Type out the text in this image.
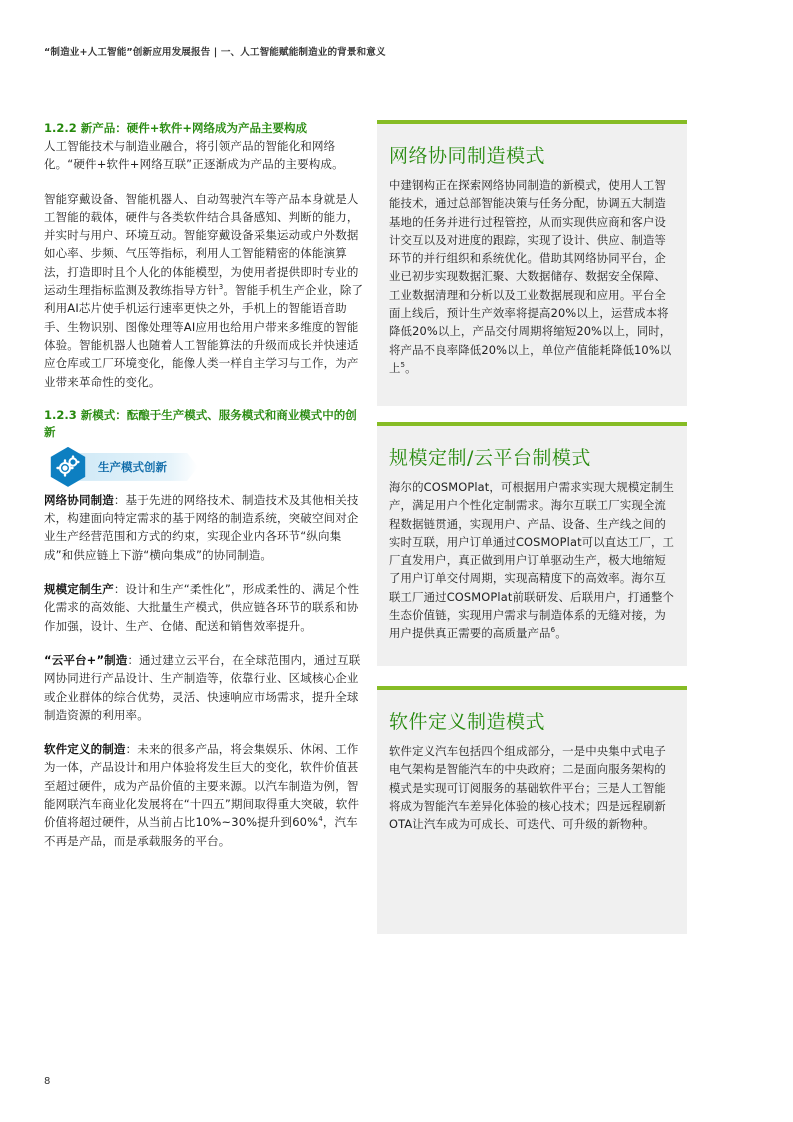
“制造业+人工智能”创新应用发展报告 | 一、人工智能赋能制造业的背景和意义
1.2.2 新产品：硬件+软件+网络成为产品主要构成

人工智能技术与制造业融合，将引领产品的智能化和网络化。“硬件+软件+网络互联”正逐渐成为产品的主要构成。

智能穿戴设备、智能机器人、自动驾驶汽车等产品本身就是人工智能的载体，硬件与各类软件结合具备感知、判断的能力，并实时与用户、环境互动。智能穿戴设备采集运动或户外数据如心率、步频、气压等指标，利用人工智能精密的体能演算法，打造即时且个人化的体能模型，为使用者提供即时专业的运动生理指标监测及教练指导方针$^3$。智能手机生产企业，除了利用AI芯片使手机运行速率更快之外，手机上的智能语音助手、生物识别、图像处理等AI应用也给用户带来多维度的智能体验。智能机器人也随着人工智能算法的升级而成长并快速适应仓库或工厂环境变化，能像人类一样自主学习与工作，为产业带来革命性的变化。

1.2.3 新模式：酝酿于生产模式、服务模式和商业模式中的创新
生产模式创新

网络协同制造：基于先进的网络技术、制造技术及其他相关技术，构建面向特定需求的基于网络的制造系统，突破空间对企业生产经营范围和方式的约束，实现企业内各环节“纵向集成”和供应链上下游“横向集成”的协同制造。

规模定制生产：设计和生产“柔性化”，形成柔性的、满足个性化需求的高效能、大批量生产模式，供应链各环节的联系和协作加强，设计、生产、仓储、配送和销售效率提升。

“云平台+”制造：通过建立云平台，在全球范围内，通过互联网协同进行产品设计、生产制造等，依靠行业、区域核心企业或企业群体的综合优势，灵活、快速响应市场需求，提升全球制造资源的利用率。

软件定义的制造：未来的很多产品，将会集娱乐、休闲、工作为一体，产品设计和用户体验将发生巨大的变化，软件价值甚至超过硬件，成为产品价值的主要来源。以汽车制造为例，智能网联汽车商业化发展将在“十四五”期间取得重大突破，软件价值将超过硬件，从当前占比10%~30%提升到60%$^4$，汽车不再是产品，而是承载服务的平台。

网络协同制造模式

中建钢构正在探索网络协同制造的新模式，使用人工智能技术，通过总部智能决策与任务分配，协调五大制造基地的任务并进行过程管控，从而实现供应商和客户设计交互以及对进度的跟踪，实现了设计、供应、制造等环节的并行组织和系统优化。借助其网络协同平台，企业已初步实现数据汇聚、大数据储存、数据安全保障、工业数据清理和分析以及工业数据展现和应用。平台全面上线后，预计生产效率将提高20%以上，运营成本将降低20%以上，产品交付周期将缩短20%以上，同时，将产品不良率降低20%以上，单位产值能耗降低10%以上$^5$。

规模定制/云平台制模式

海尔的COSMOPlat，可根据用户需求实现大规模定制生产，满足用户个性化定制需求。海尔互联工厂实现全流程数据链贯通，实现用户、产品、设备、生产线之间的实时互联，用户订单通过COSMOPlat可以直达工厂，工厂直发用户，真正做到用户订单驱动生产，极大地缩短了用户订单交付周期，实现高精度下的高效率。海尔互联工厂通过COSMOPlat前联研发、后联用户，打通整个生态价值链，实现用户需求与制造体系的无缝对接，为用户提供真正需要的高质量产品$^6$。

软件定义制造模式

软件定义汽车包括四个组成部分，一是中央集中式电子电气架构是智能汽车的中央政府；二是面向服务架构的模式是实现可订阅服务的基础软件平台；三是人工智能将成为智能汽车差异化体验的核心技术；四是远程刷新OTA让汽车成为可成长、可迭代、可升级的新物种。

8
